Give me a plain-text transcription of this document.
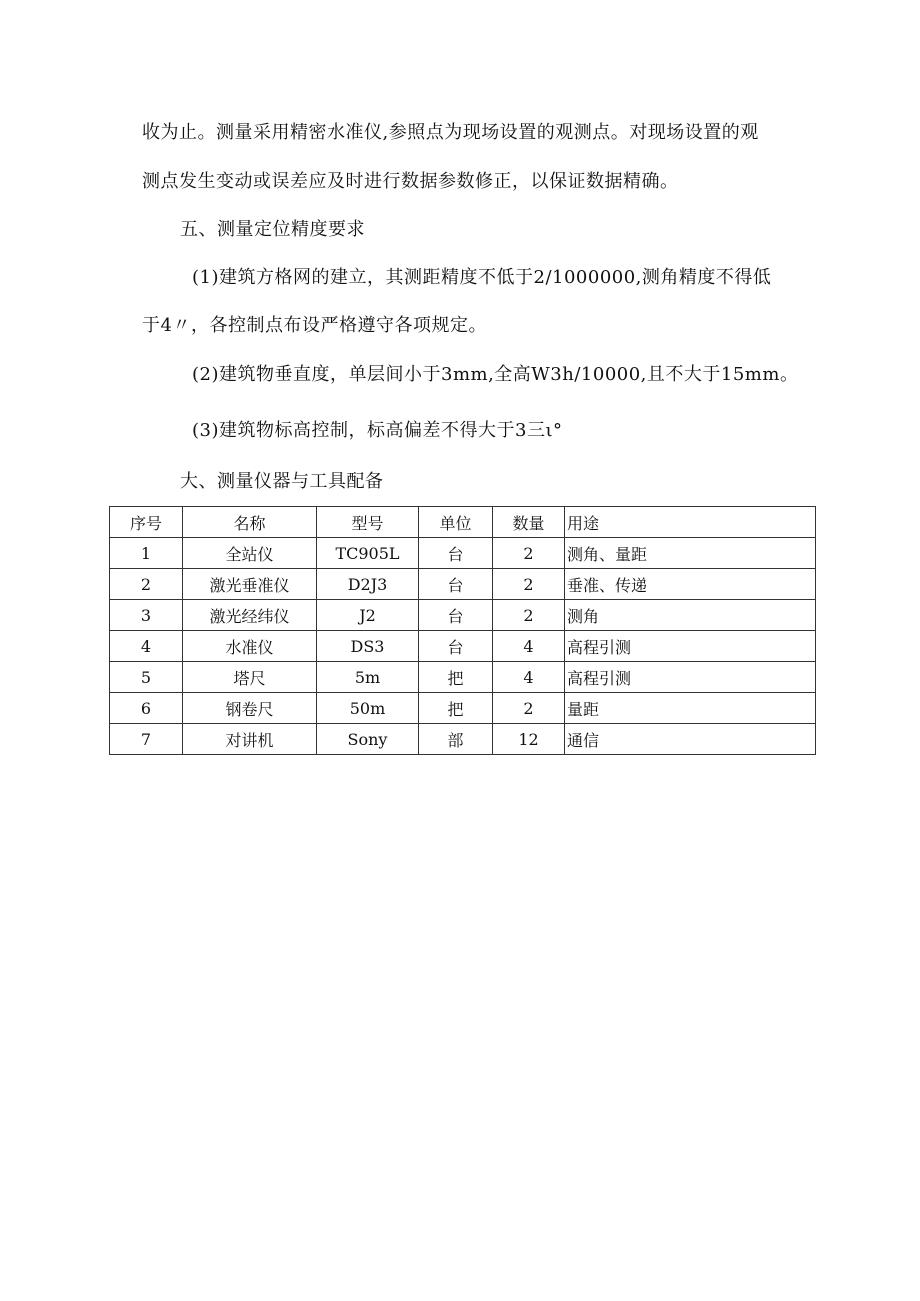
收为止。测量采用精密水准仪,参照点为现场设置的观测点。对现场设置的观
测点发生变动或误差应及时进行数据参数修正，以保证数据精确。
五、测量定位精度要求
(1)建筑方格网的建立，其测距精度不低于2/1000000,测角精度不得低
于4〃，各控制点布设严格遵守各项规定。
(2)建筑物垂直度，单层间小于3mm,全高W3h/10000,且不大于15mm。
(3)建筑物标高控制，标高偏差不得大于3三ι°
大、测量仪器与工具配备
序号	名称	型号	单位	数量	用途
1	全站仪	TC905L	台	2	测角、量距
2	激光垂准仪	D2J3	台	2	垂准、传递
3	激光经纬仪	J2	台	2	测角
4	水准仪	DS3	台	4	高程引测
5	塔尺	5m	把	4	高程引测
6	钢卷尺	50m	把	2	量距
7	对讲机	Sony	部	12	通信
